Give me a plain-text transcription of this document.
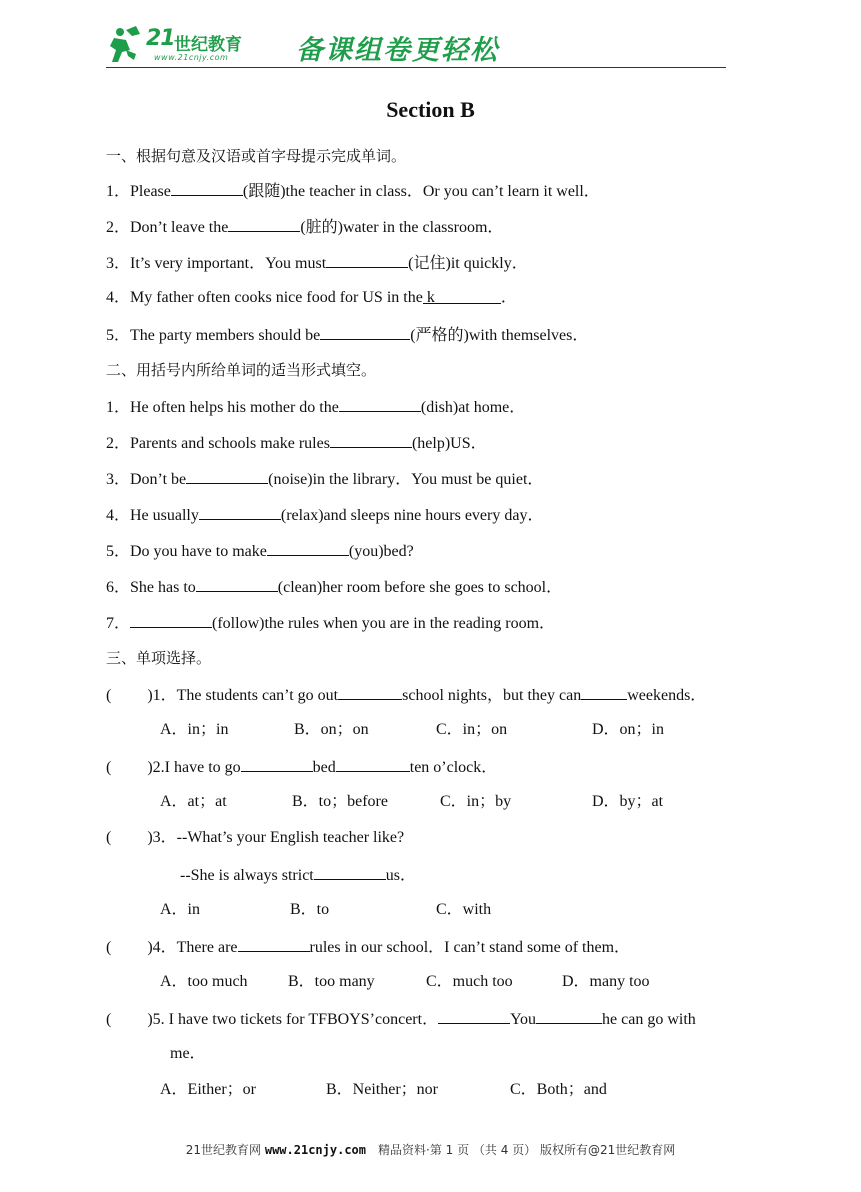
21 世纪教育
www.21cnjy.com	备课组卷更轻松
Section B
一、根据句意及汉语或首字母提示完成单词。
1．Please	(跟随)the teacher in class．Or you can’t learn it well．
2．Don’t leave the	(脏的)water in the classroom．
3．It’s very important．You must	(记住)it quickly．
4．My father often cooks nice food for US in the k	．
5．The party members should be	(严格的)with themselves．
二、用括号内所给单词的适当形式填空。
1．He often helps his mother do the	(dish)at home．
2．Parents and schools make rules	(help)US．
3．Don’t be	(noise)in the library．You must be quiet．
4．He usually	(relax)and sleeps nine hours every day．
5．Do you have to make	(you)bed?
6．She has to	(clean)her room before she goes to school．
7．	(follow)the rules when you are in the reading room．
三、单项选择。
( )1．The students can’t go out	school nights，but they can	weekends．
A．in；in	B．on；on	C．in；on	D．on；in
( )2.I have to go	bed	ten o’clock．
A．at；at	B．to；before	C．in；by	D．by；at
( )3．--What’s your English teacher like?
--She is always strict	us．
A．in	B．to	C．with
( )4．There are	rules in our school．I can’t stand some of them．
A．too much	B．too many	C．much too	D．many too
( )5. I have two tickets for TFBOYS’concert．	You	he can go with
me．
A．Either；or	B．Neither；nor	C．Both；and
21世纪教育网 www.21cnjy.com　精品资料·第 1 页 （共 4 页） 版权所有@21世纪教育网
